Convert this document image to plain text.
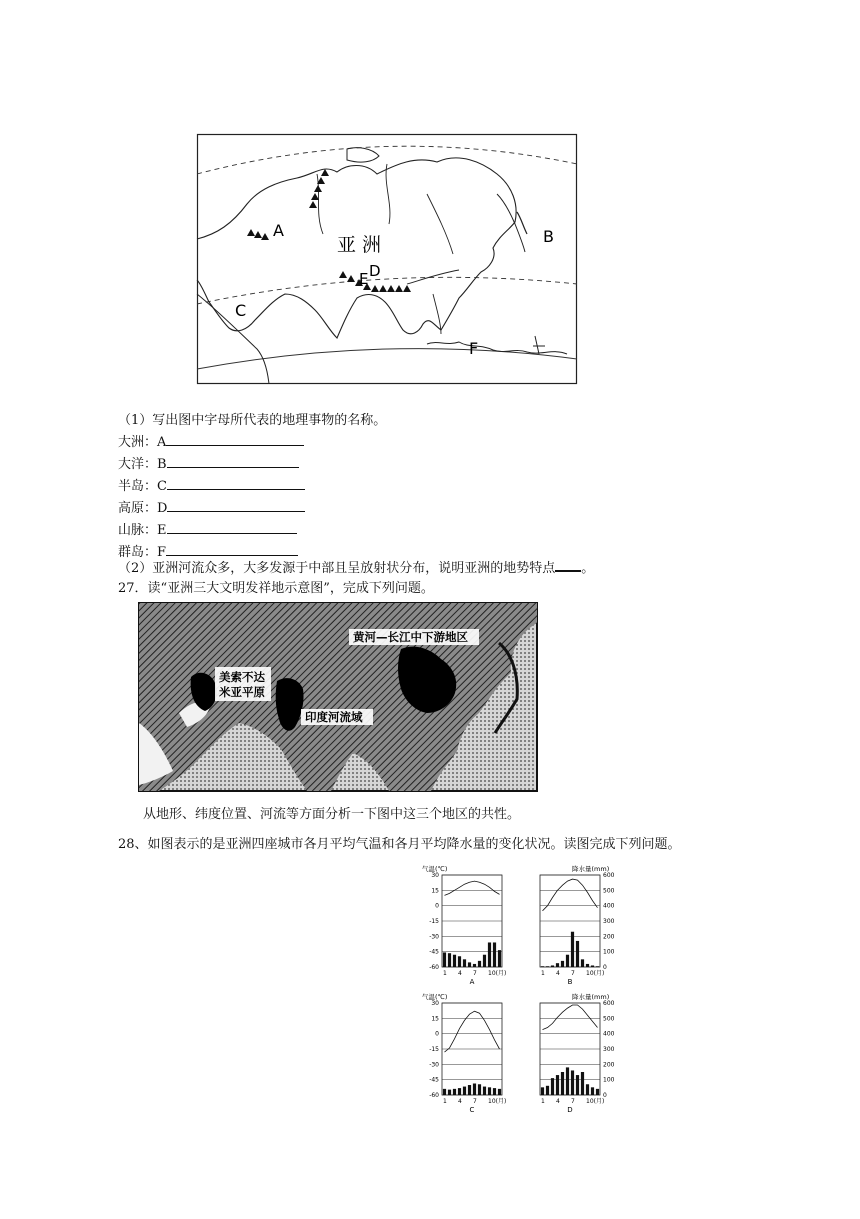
A	B
C
D
E
F
亚 洲
（1）写出图中字母所代表的地理事物的名称。
大洲：A
大洋：B
半岛：C
高原：D
山脉：E
群岛：F
（2）亚洲河流众多，大多发源于中部且呈放射状分布，说明亚洲的地势特点 。
27．读“亚洲三大文明发祥地示意图”，完成下列问题。
黄河—长江中下游地区
美索不达
米亚平原
印度河流域
从地形、纬度位置、河流等方面分析一下图中这三个地区的共性。
28、如图表示的是亚洲四座城市各月平均气温和各月平均降水量的变化状况。读图完成下列问题。
气温(℃)
30
15
0
-15
-30
-45
-60
1 4 7 10(月)
A
降水量(mm)
600
500
400
300
200
100
0
1 4 7 10(月)
B
气温(℃)
30
15
0
-15
-30
-45
-60
1 4 7 10(月)
C
降水量(mm)
600
500
400
300
200
100
0
1 4 7 10(月)
D
